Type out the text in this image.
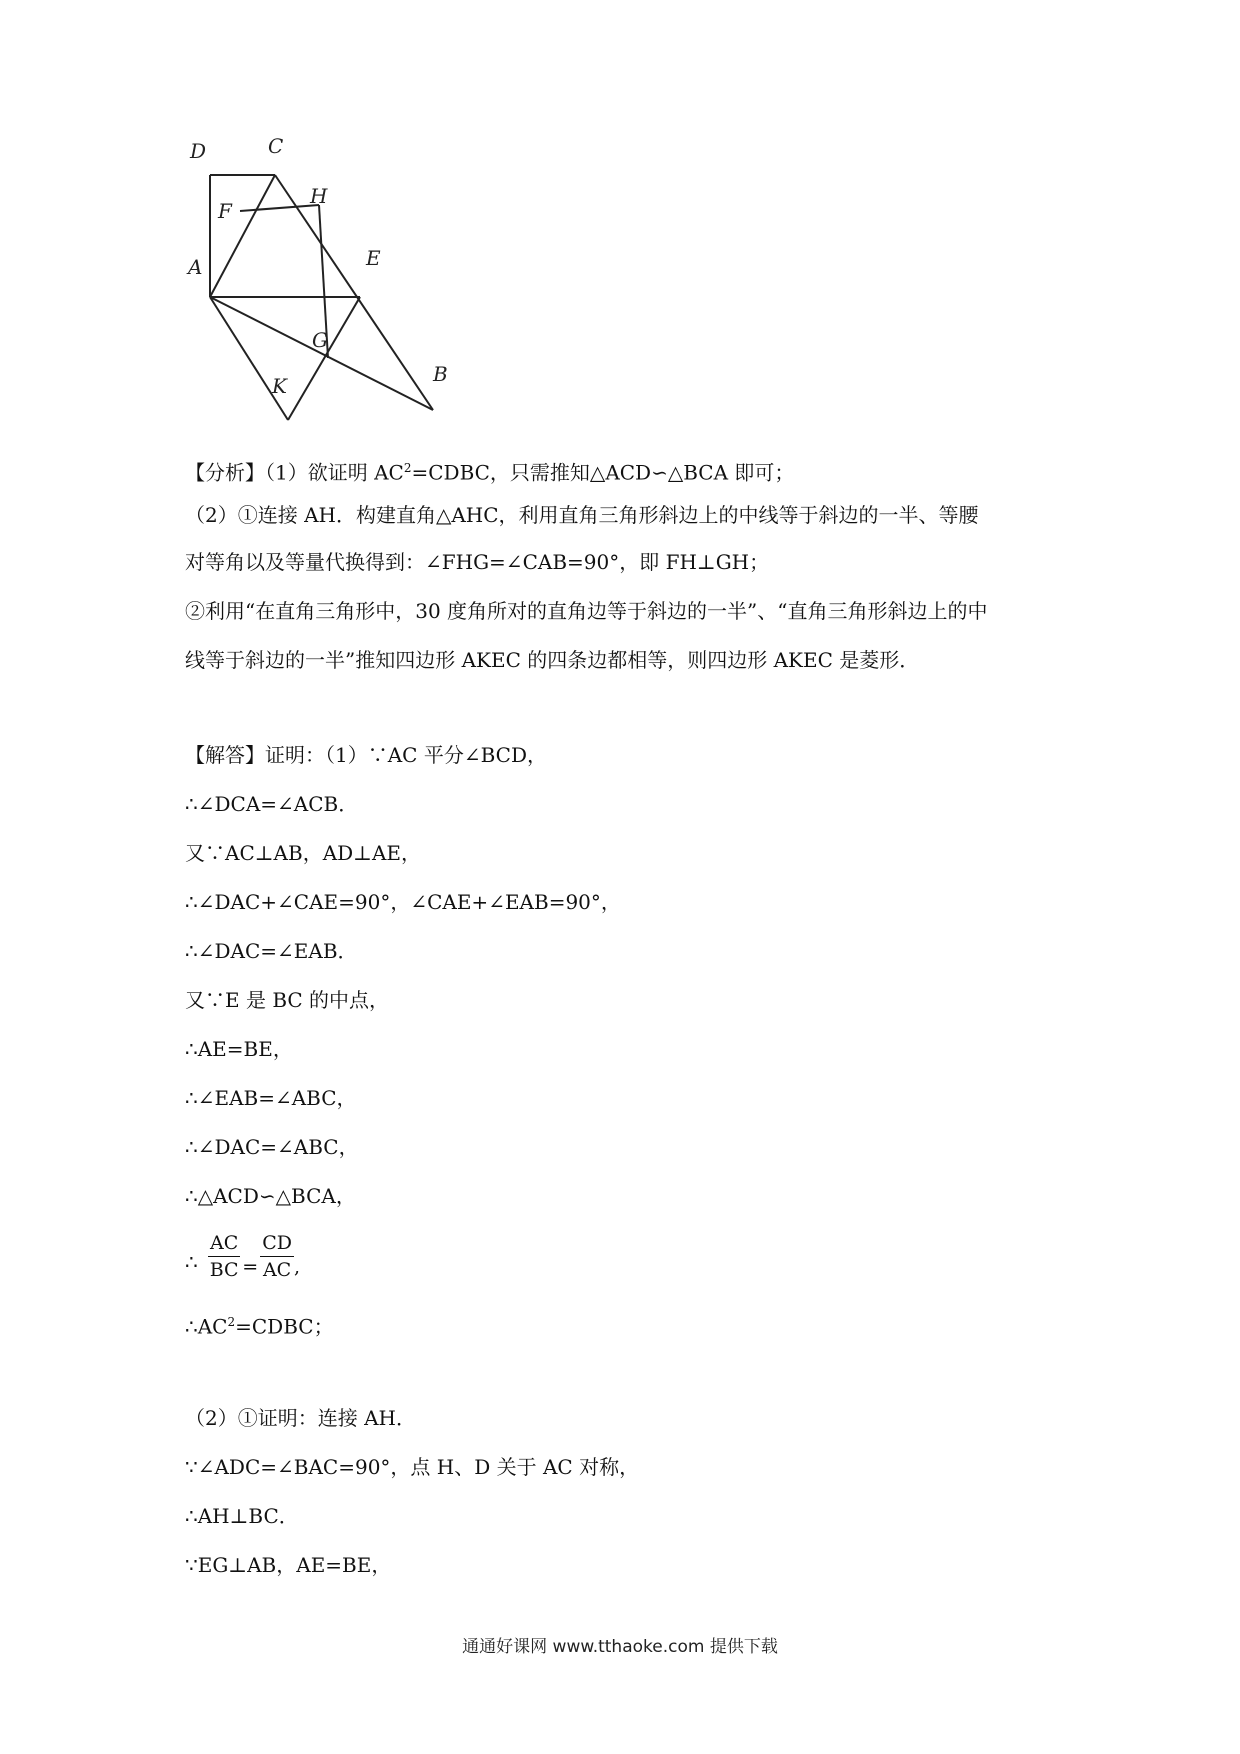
D	C
F
H
A	E
G
K	B
【分析】（1）欲证明 $AC^2=CDBC$，只需推知△ACD∽△BCA 即可；
（2）①连接 AH．构建直角△AHC，利用直角三角形斜边上的中线等于斜边的一半、等腰
对等角以及等量代换得到：∠FHG=∠CAB=90°，即 FH⊥GH；
②利用“在直角三角形中，30 度角所对的直角边等于斜边的一半”、“直角三角形斜边上的中
线等于斜边的一半”推知四边形 AKEC 的四条边都相等，则四边形 AKEC 是菱形．
【解答】证明：（1）∵AC 平分∠BCD，
∴∠DCA=∠ACB．
又∵AC⊥AB，AD⊥AE，
∴∠DAC+∠CAE=90°，∠CAE+∠EAB=90°，
∴∠DAC=∠EAB．
又∵E 是 BC 的中点，
∴AE=BE，
∴∠EAB=∠ABC，
∴∠DAC=∠ABC，
∴△ACD∽△BCA，
∴ $\frac{AC}{BC} = \frac{CD}{AC}$ ,
$\therefore AC^2=CDBC$；
（2）①证明：连接 AH．
∵∠ADC=∠BAC=90°，点 H、D 关于 AC 对称，
∴AH⊥BC．
∵EG⊥AB，AE=BE，
通通好课网 www.tthaoke.com 提供下载
